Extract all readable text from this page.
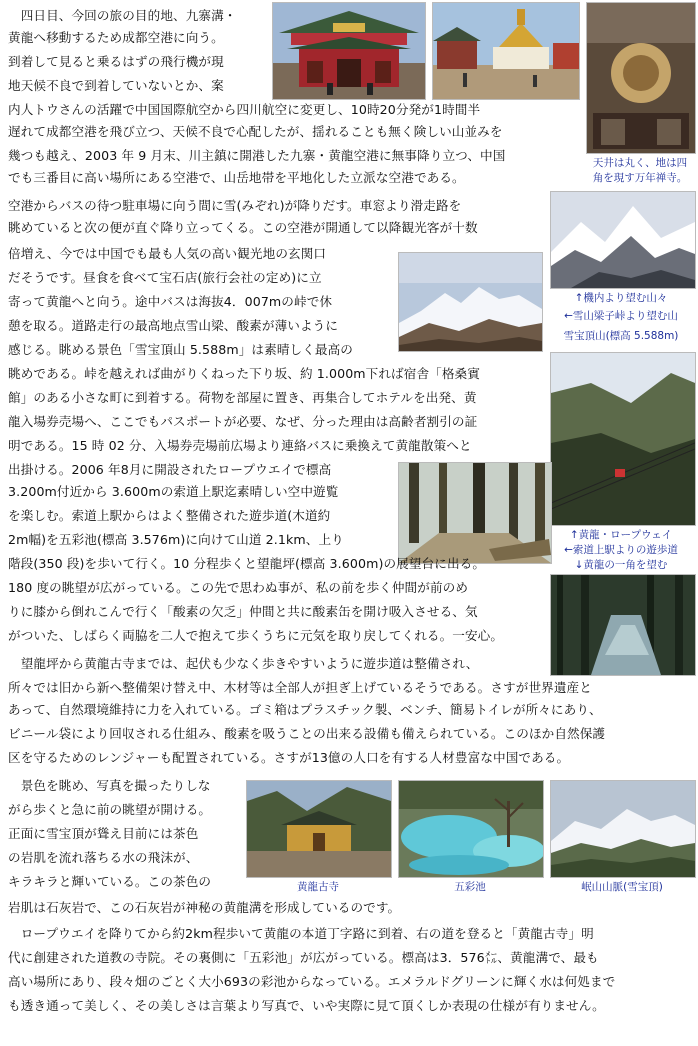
天井は丸く、地は四
角を現す万年禅寺。
↑機内より望む山々
←雪山梁子峠より望む山
雪宝頂山(標高 5.588m)
↑黄龍・ロープウェイ
←索道上駅よりの遊歩道
↓黄龍の一角を望む
黄龍古寺	五彩池	岷山山脈(雪宝頂)
　四日目、今回の旅の目的地、九寨溝・
黄龍へ移動するため成都空港に向う。
到着して見ると乗るはずの飛行機が現
地天候不良で到着していないとか、案
内人トウさんの活躍で中国国際航空から四川航空に変更し、10時20分発が1時間半
遅れて成都空港を飛び立つ、天候不良で心配したが、揺れることも無く険しい山並みを
幾つも越え、2003 年 9 月末、川主鎮に開港した九寨・黄龍空港に無事降り立つ、中国
でも三番目に高い場所にある空港で、山岳地帯を平地化した立派な空港である。
空港からバスの待つ駐車場に向う間に雪(みぞれ)が降りだす。車窓より滑走路を
眺めていると次の便が直ぐ降り立ってくる。この空港が開通して以降観光客が十数
倍増え、今では中国でも最も人気の高い観光地の玄関口
だそうです。昼食を食べて宝石店(旅行会社の定め)に立
寄って黄龍へと向う。途中バスは海抜4．007mの峠で休
憩を取る。道路走行の最高地点雪山梁、酸素が薄いように
感じる。眺める景色「雪宝頂山 5.588m」は素晴しく最高の
眺めである。峠を越えれば曲がりくねった下り坂、約 1.000m下れば宿舎「格桑賓
館」のある小さな町に到着する。荷物を部屋に置き、再集合してホテルを出発、黄
龍入場券売場へ、ここでもパスポートが必要、なぜ、分った理由は高齢者割引の証
明である。15 時 02 分、入場券売場前広場より連絡バスに乗換えて黄龍散策へと
出掛ける。2006 年8月に開設されたロープウエイで標高
3.200m付近から 3.600mの索道上駅迄素晴しい空中遊覧
を楽しむ。索道上駅からはよく整備された遊歩道(木道約
2m幅)を五彩池(標高 3.576m)に向けて山道 2.1km、上り
階段(350 段)を歩いて行く。10 分程歩くと望龍坪(標高 3.600m)の展望台に出る。
180 度の眺望が広がっている。この先で思わぬ事が、私の前を歩く仲間が前のめ
りに膝から倒れこんで行く「酸素の欠乏」仲間と共に酸素缶を開け吸入させる、気
がついた、しばらく両脇を二人で抱えて歩くうちに元気を取り戻してくれる。一安心。
　望龍坪から黄龍古寺までは、起伏も少なく歩きやすいように遊歩道は整備され、
所々では旧から新へ整備架け替え中、木材等は全部人が担ぎ上げているそうである。さすが世界遺産と
あって、自然環境維持に力を入れている。ゴミ箱はプラスチック製、ベンチ、簡易トイレが所々にあり、
ビニール袋により回収される仕組み、酸素を吸うことの出来る設備も備えられている。このほか自然保護
区を守るためのレンジャーも配置されている。さすが13億の人口を有する人材豊富な中国である。
　景色を眺め、写真を撮ったりしな
がら歩くと急に前の眺望が開ける。
正面に雪宝頂が聳え目前には茶色
の岩肌を流れ落ちる水の飛沫が、
キラキラと輝いている。この茶色の
岩肌は石灰岩で、この石灰岩が神秘の黄龍溝を形成しているのです。
　ロープウエイを降りてから約2km程歩いて黄龍の本道丁字路に到着、右の道を登ると「黄龍古寺」明
代に創建された道教の寺院。その裏側に「五彩池」が広がっている。標高は3．576㍍、黄龍溝で、最も
高い場所にあり、段々畑のごとく大小693の彩池からなっている。エメラルドグリーンに輝く水は何処まで
も透き通って美しく、その美しさは言葉より写真で、いや実際に見て頂くしか表現の仕様が有りません。
